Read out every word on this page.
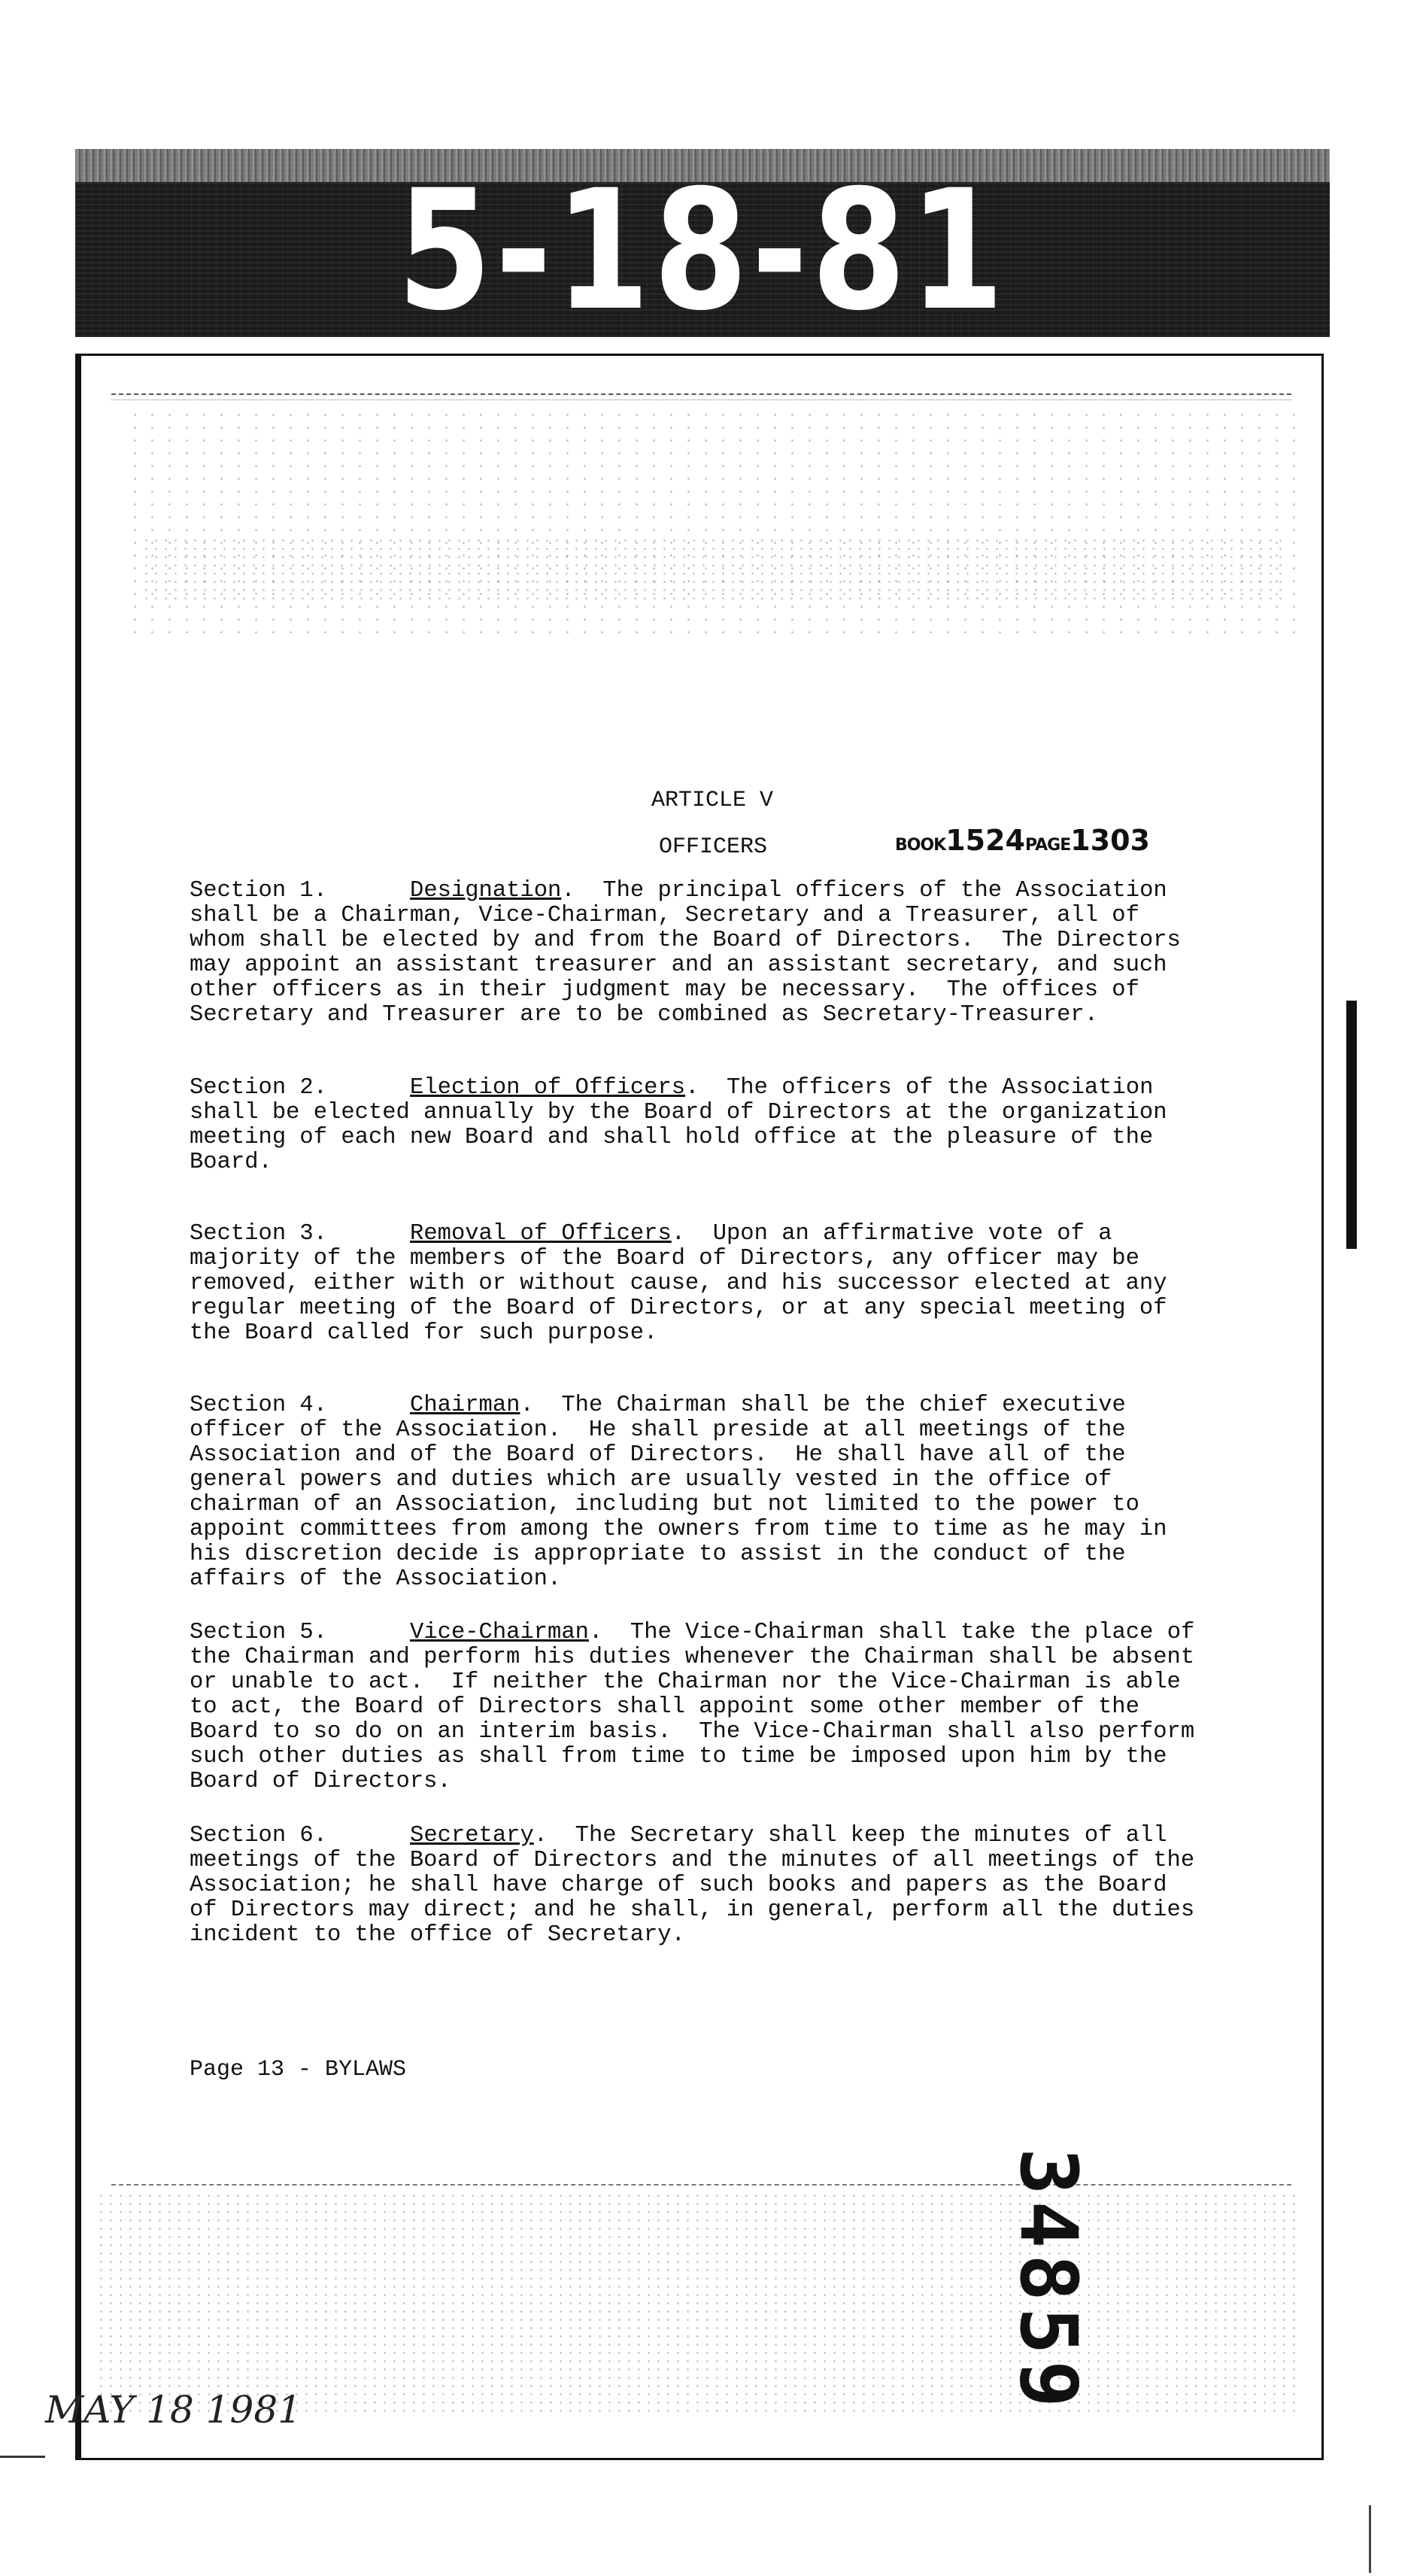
5-18-81
ARTICLE V
OFFICERS	BOOK1524PAGE1303
Section 1.	Designation.  The principal officers of the Association
shall be a Chairman, Vice-Chairman, Secretary and a Treasurer, all of
whom shall be elected by and from the Board of Directors.  The Directors
may appoint an assistant treasurer and an assistant secretary, and such
other officers as in their judgment may be necessary.  The offices of
Secretary and Treasurer are to be combined as Secretary-Treasurer.
Section 2.	Election of Officers.  The officers of the Association
shall be elected annually by the Board of Directors at the organization
meeting of each new Board and shall hold office at the pleasure of the
Board.
Section 3.	Removal of Officers.  Upon an affirmative vote of a
majority of the members of the Board of Directors, any officer may be
removed, either with or without cause, and his successor elected at any
regular meeting of the Board of Directors, or at any special meeting of
the Board called for such purpose.
Section 4.	Chairman.  The Chairman shall be the chief executive
officer of the Association.  He shall preside at all meetings of the
Association and of the Board of Directors.  He shall have all of the
general powers and duties which are usually vested in the office of
chairman of an Association, including but not limited to the power to
appoint committees from among the owners from time to time as he may in
his discretion decide is appropriate to assist in the conduct of the
affairs of the Association.
Section 5.	Vice-Chairman.  The Vice-Chairman shall take the place of
the Chairman and perform his duties whenever the Chairman shall be absent
or unable to act.  If neither the Chairman nor the Vice-Chairman is able
to act, the Board of Directors shall appoint some other member of the
Board to so do on an interim basis.  The Vice-Chairman shall also perform
such other duties as shall from time to time be imposed upon him by the
Board of Directors.
Section 6.	Secretary.  The Secretary shall keep the minutes of all
meetings of the Board of Directors and the minutes of all meetings of the
Association; he shall have charge of such books and papers as the Board
of Directors may direct; and he shall, in general, perform all the duties
incident to the office of Secretary.
Page 13 - BYLAWS
34859
MAY 18 1981
